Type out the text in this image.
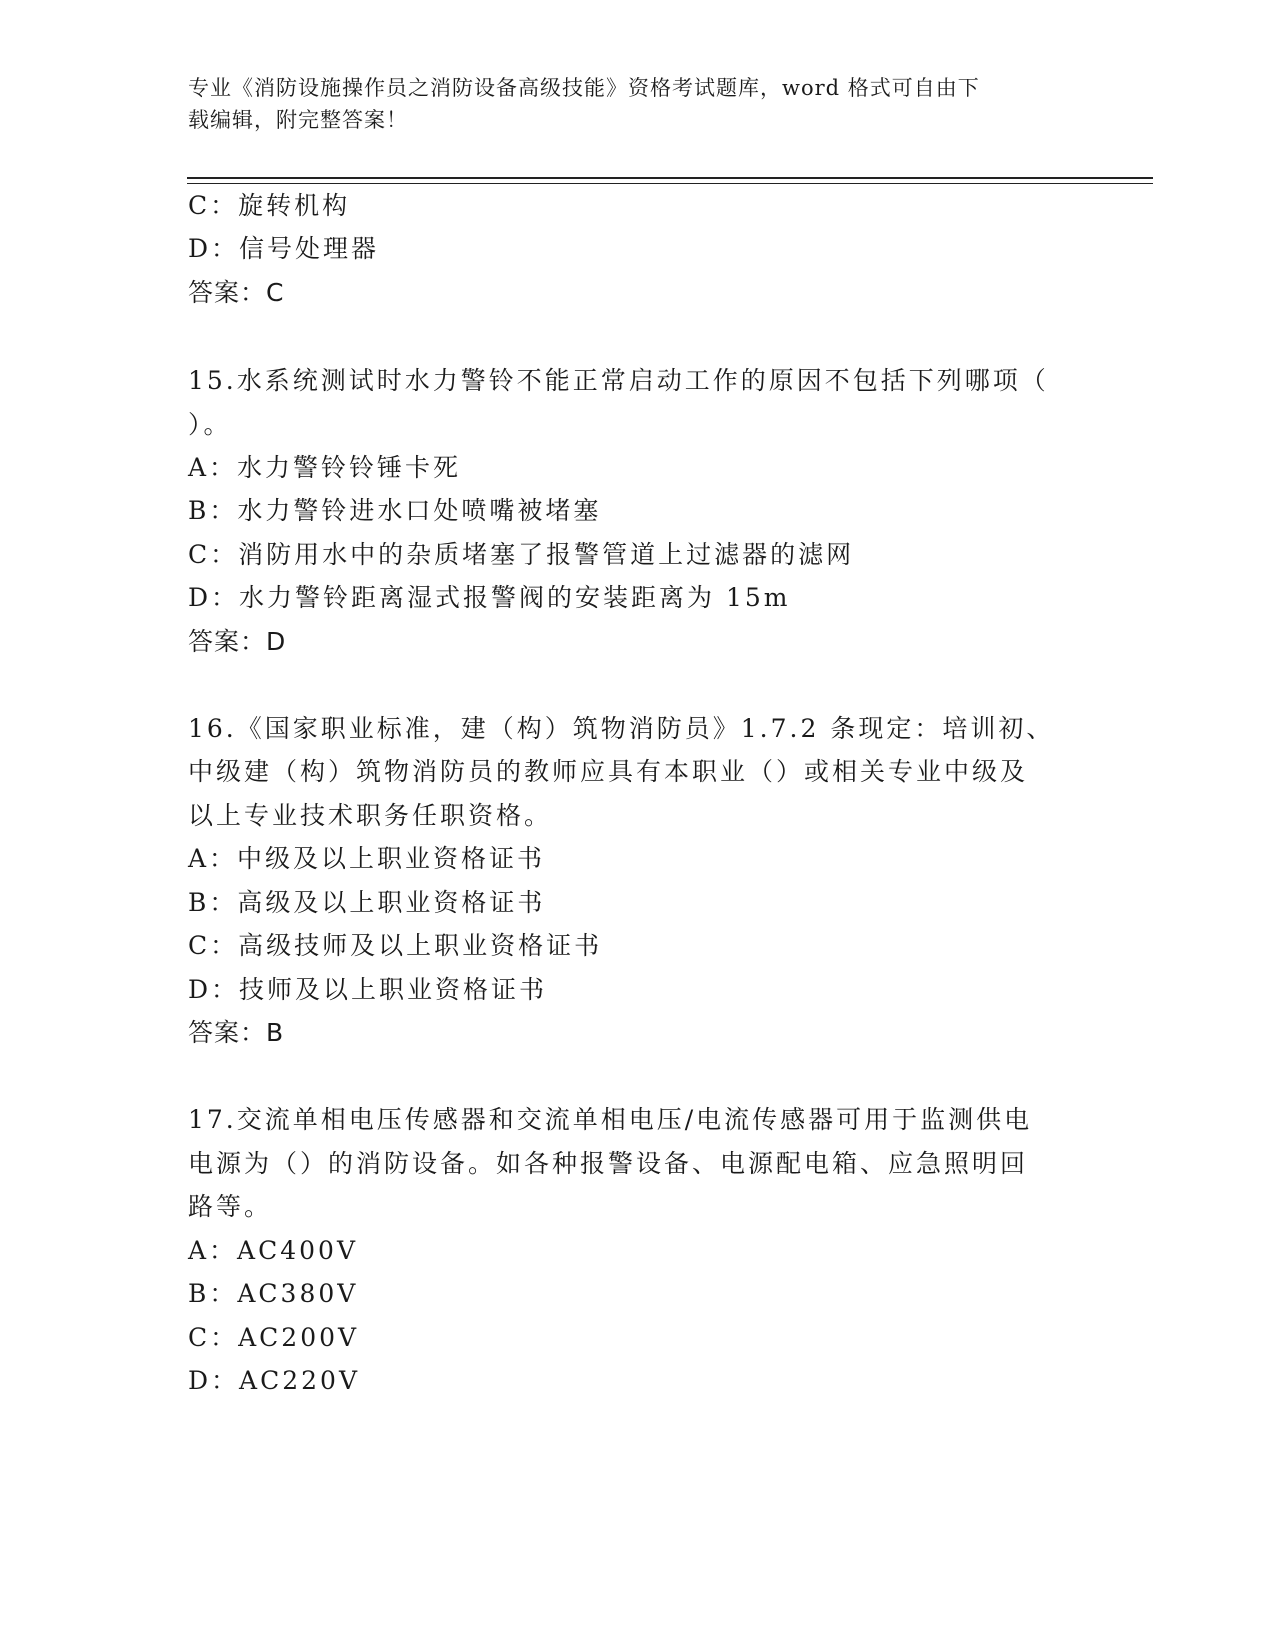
专业《消防设施操作员之消防设备高级技能》资格考试题库，word 格式可自由下
载编辑，附完整答案！
C：旋转机构
D：信号处理器
答案：C
15.水系统测试时水力警铃不能正常启动工作的原因不包括下列哪项（
）。
A：水力警铃铃锤卡死
B：水力警铃进水口处喷嘴被堵塞
C：消防用水中的杂质堵塞了报警管道上过滤器的滤网
D：水力警铃距离湿式报警阀的安装距离为 15m
答案：D
16.《国家职业标准，建（构）筑物消防员》1.7.2 条现定：培训初、
中级建（构）筑物消防员的教师应具有本职业（）或相关专业中级及
以上专业技术职务任职资格。
A：中级及以上职业资格证书
B：高级及以上职业资格证书
C：高级技师及以上职业资格证书
D：技师及以上职业资格证书
答案：B
17.交流单相电压传感器和交流单相电压/电流传感器可用于监测供电
电源为（）的消防设备。如各种报警设备、电源配电箱、应急照明回
路等。
A：AC400V
B：AC380V
C：AC200V
D：AC220V
